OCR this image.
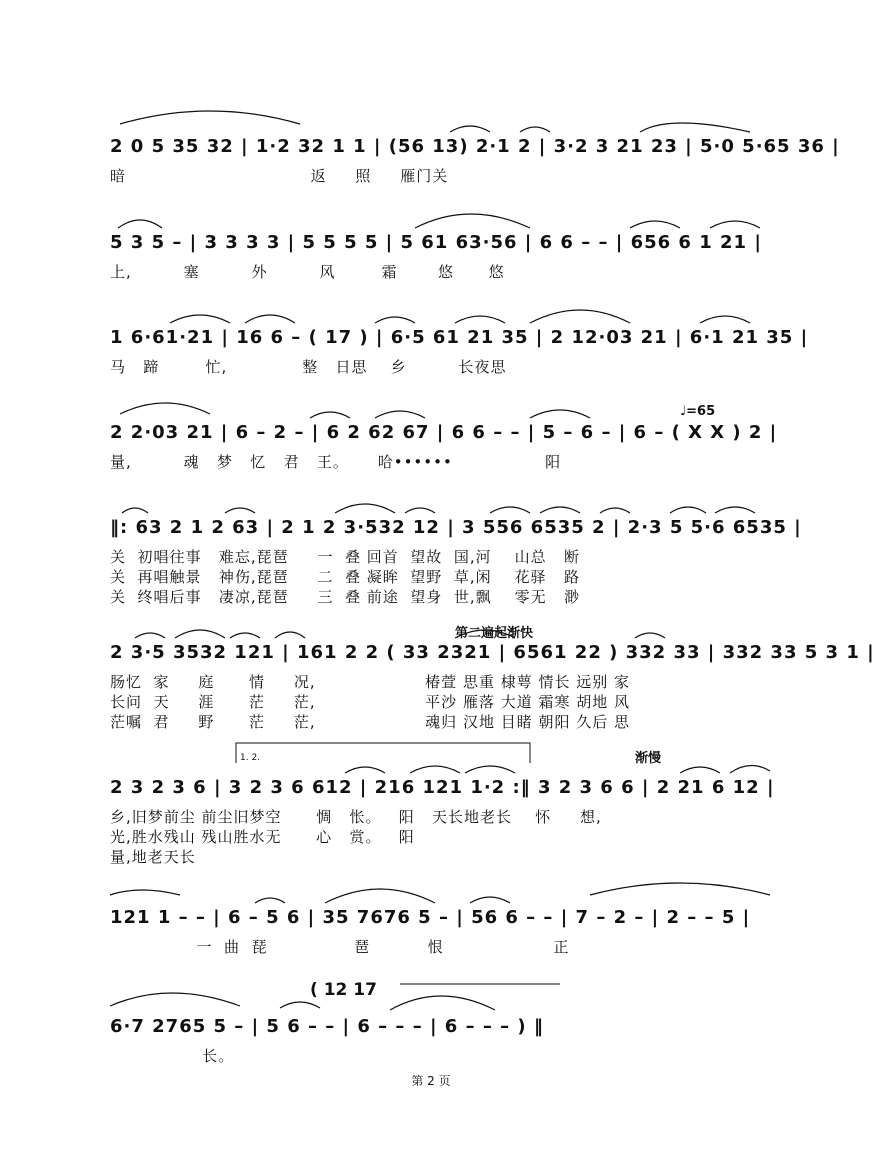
2 0 5 35 32 | 1·2 32 1 1 | (56 13) 2·1 2 | 3·2 3 21 23 | 5·0 5·65 36 |
暗                                返     照     雁门关
5 3 5 – | 3 3 3 3 | 5 5 5 5 | 5 61 63·56 | 6 6 – – | 656 6 1 21 |
上,         塞         外         风        霜       悠      悠
1 6·61·21 | 16 6 – ( 17 ) | 6·5 61 21 35 | 2 12·03 21 | 6·1 21 35 |
马   蹄        忙,             整   日思    乡         长夜思
♩=65
2 2·03 21 | 6 – 2 – | 6 2 62 67 | 6 6 – – | 5 – 6 – | 6 – ( X X ) 2 |
量,         魂   梦   忆   君   王。     哈••••••                阳
‖: 63 2 1 2 63 | 2 1 2 3·532 12 | 3 556 6535 2 | 2·3 5 5·6 6535 |
关  初唱往事   难忘,琵琶     一  叠 回首  望故  国,河    山总   断
关  再唱触景   神伤,琵琶     二  叠 凝眸  望野  草,闲    花驿   路
关  终唱后事   凄凉,琵琶     三  叠 前途  望身  世,飘    零无   渺
第二遍起渐快
2 3·5 3532 121 | 161 2 2 ( 33 2321 | 6561 22 ) 332 33 | 332 33 5 3 1 |
肠忆  家     庭      情     况,                   椿萱 思重 棣萼 情长 远别 家
长问  天     涯      茫     茫,                   平沙 雁落 大道 霜寒 胡地 风
茫嘱  君     野      茫     茫,                   魂归 汉地 目睹 朝阳 久后 思
渐慢
1. 2.
2 3 2 3 6 | 3 2 3 6 612 | 216 121 1·2 :‖ 3 2 3 6 6 | 2 21 6 12 |
乡,旧梦前尘 前尘旧梦空      惆   怅。   阳   天长地老长    怀     想,
光,胜水残山 残山胜水无      心   赏。   阳
量,地老天长
121 1 – – | 6 – 5 6 | 35 7676 5 – | 56 6 – – | 7 – 2 – | 2 – – 5 |
一  曲  琵               琶          恨                   正
( 12 17
6·7 2765 5 – | 5 6 – – | 6 – – – | 6 – – – ) ‖
长。
第 2 页
